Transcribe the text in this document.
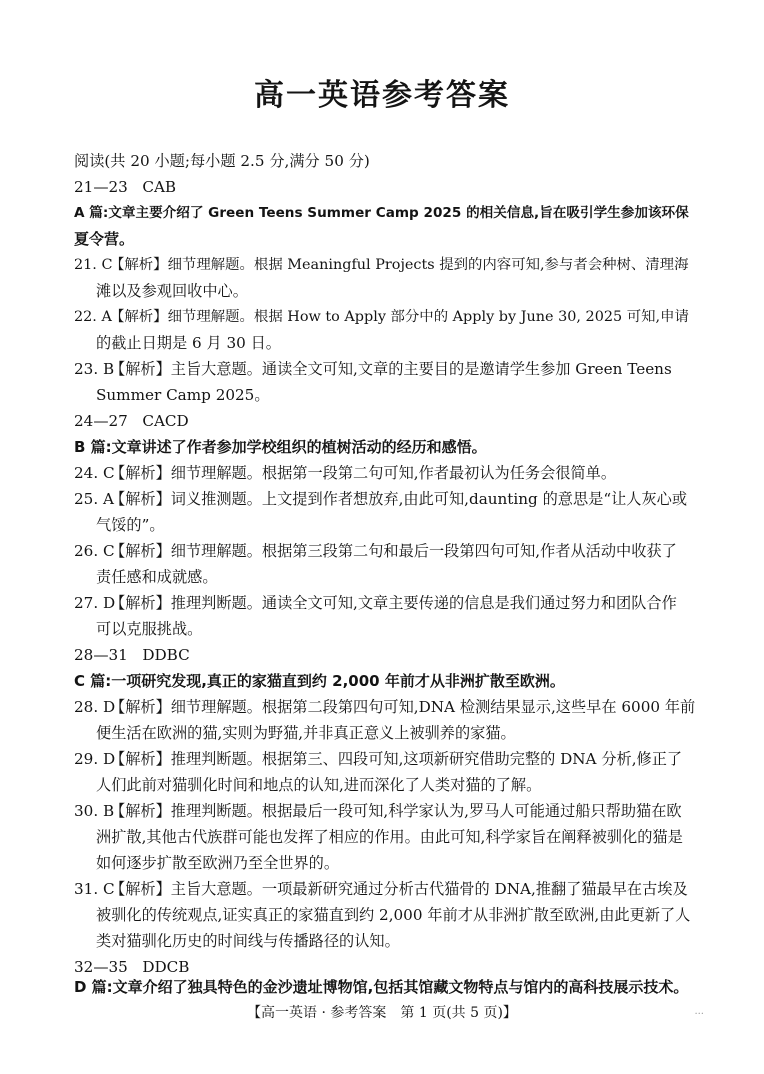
高一英语参考答案
阅读(共 20 小题;每小题 2.5 分,满分 50 分)
21—23 CAB
A 篇:文章主要介绍了 Green Teens Summer Camp 2025 的相关信息,旨在吸引学生参加该环保
夏令营。
21. C【解析】细节理解题。根据 Meaningful Projects 提到的内容可知,参与者会种树、清理海
滩以及参观回收中心。
22. A【解析】细节理解题。根据 How to Apply 部分中的 Apply by June 30, 2025 可知,申请
的截止日期是 6 月 30 日。
23. B【解析】主旨大意题。通读全文可知,文章的主要目的是邀请学生参加 Green Teens
Summer Camp 2025。
24—27 CACD
B 篇:文章讲述了作者参加学校组织的植树活动的经历和感悟。
24. C【解析】细节理解题。根据第一段第二句可知,作者最初认为任务会很简单。
25. A【解析】词义推测题。上文提到作者想放弃,由此可知,daunting 的意思是“让人灰心或
气馁的”。
26. C【解析】细节理解题。根据第三段第二句和最后一段第四句可知,作者从活动中收获了
责任感和成就感。
27. D【解析】推理判断题。通读全文可知,文章主要传递的信息是我们通过努力和团队合作
可以克服挑战。
28—31 DDBC
C 篇:一项研究发现,真正的家猫直到约 2,000 年前才从非洲扩散至欧洲。
28. D【解析】细节理解题。根据第二段第四句可知,DNA 检测结果显示,这些早在 6000 年前
便生活在欧洲的猫,实则为野猫,并非真正意义上被驯养的家猫。
29. D【解析】推理判断题。根据第三、四段可知,这项新研究借助完整的 DNA 分析,修正了
人们此前对猫驯化时间和地点的认知,进而深化了人类对猫的了解。
30. B【解析】推理判断题。根据最后一段可知,科学家认为,罗马人可能通过船只帮助猫在欧
洲扩散,其他古代族群可能也发挥了相应的作用。由此可知,科学家旨在阐释被驯化的猫是
如何逐步扩散至欧洲乃至全世界的。
31. C【解析】主旨大意题。一项最新研究通过分析古代猫骨的 DNA,推翻了猫最早在古埃及
被驯化的传统观点,证实真正的家猫直到约 2,000 年前才从非洲扩散至欧洲,由此更新了人
类对猫驯化历史的时间线与传播路径的认知。
32—35 DDCB
D 篇:文章介绍了独具特色的金沙遗址博物馆,包括其馆藏文物特点与馆内的高科技展示技术。
【高一英语 · 参考答案　第 1 页(共 5 页)】	...
